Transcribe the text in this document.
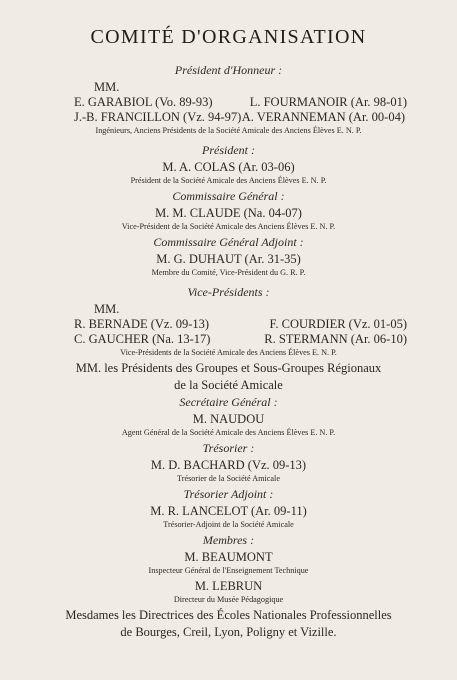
COMITÉ D'ORGANISATION

Président d'Honneur :

MM.

E. GARABIOL (Vo. 89-93)	L. FOURMANOIR (Ar. 98-01)
J.-B. FRANCILLON (Vz. 94-97) A. VERANNEMAN (Ar. 00-04)

Ingénieurs, Anciens Présidents de la Société Amicale des Anciens Élèves E. N. P.

Président :

M. A. COLAS (Ar. 03-06)

Président de la Société Amicale des Anciens Élèves E. N. P.

Commissaire Général :

M. M. CLAUDE (Na. 04-07)

Vice-Président de la Société Amicale des Anciens Élèves E. N. P.

Commissaire Général Adjoint :

M. G. DUHAUT (Ar. 31-35)

Membre du Comité, Vice-Président du G. R. P.

Vice-Présidents :

MM.

R. BERNADE (Vz. 09-13)	F. COURDIER (Vz. 01-05)
C. GAUCHER (Na. 13-17)	R. STERMANN (Ar. 06-10)

Vice-Présidents de la Société Amicale des Anciens Élèves E. N. P.

MM. les Présidents des Groupes et Sous-Groupes Régionaux

de la Société Amicale

Secrétaire Général :

M. NAUDOU

Agent Général de la Société Amicale des Anciens Élèves E. N. P.

Trésorier :

M. D. BACHARD (Vz. 09-13)

Trésorier de la Société Amicale

Trésorier Adjoint :

M. R. LANCELOT (Ar. 09-11)

Trésorier-Adjoint de la Société Amicale

Membres :

M. BEAUMONT

Inspecteur Général de l'Enseignement Technique

M. LEBRUN

Directeur du Musée Pédagogique

Mesdames les Directrices des Écoles Nationales Professionnelles

de Bourges, Creil, Lyon, Poligny et Vizille.
